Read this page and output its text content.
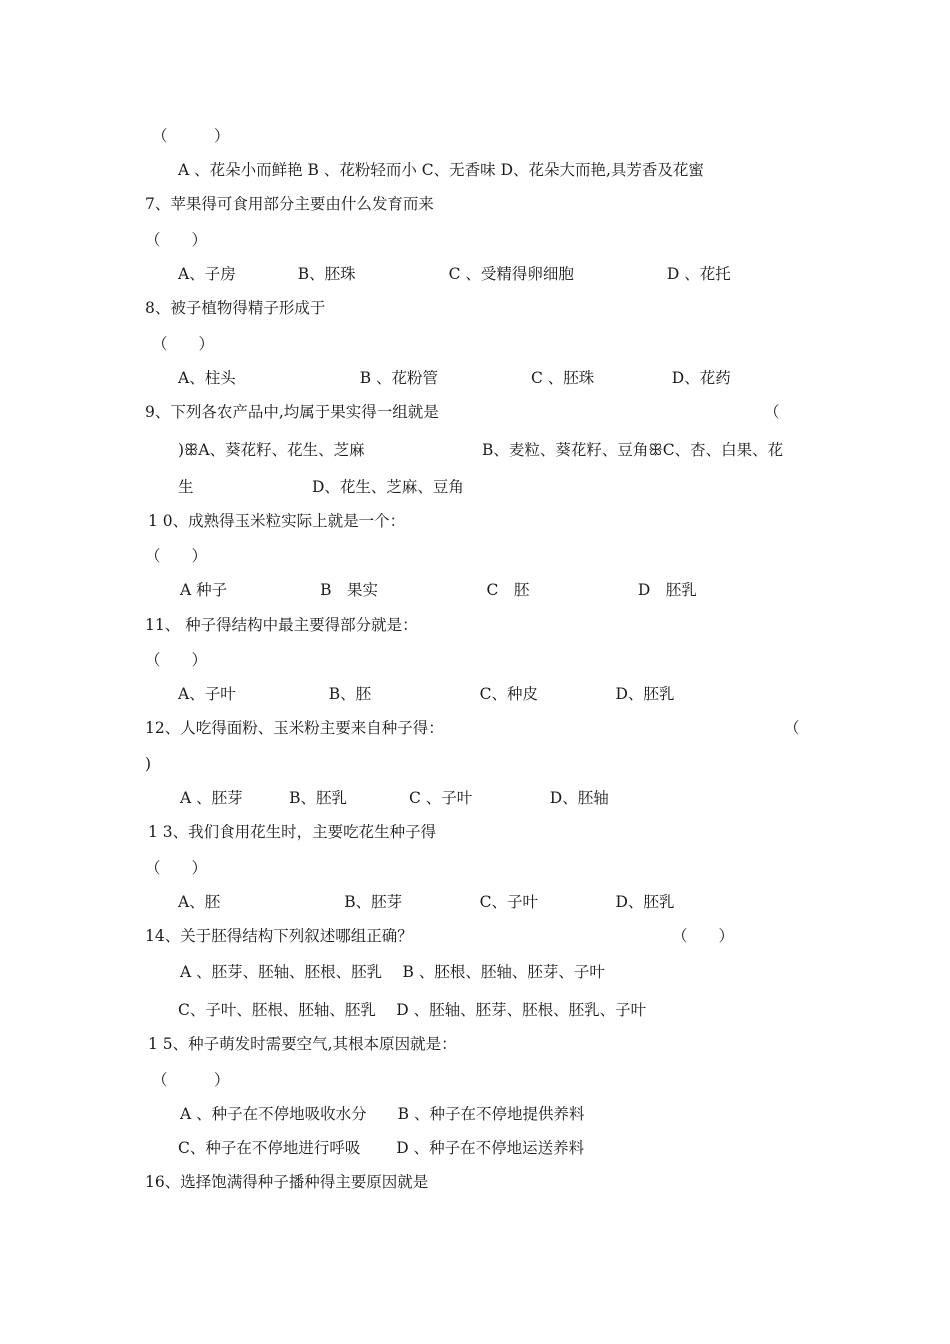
（　　　）

A 、花朵小而鲜艳 B 、花粉轻而小 C、无香味 D、花朵大而艳,具芳香及花蜜

7、苹果得可食用部分主要由什么发育而来

（　　）

A、子房　　　　B、胚珠　　　　　　C 、受精得卵细胞　　　　　　D 、花托

8、被子植物得精子形成于

（　　）

A、柱头　　　　　　　　B 、花粉管　　　　　　C 、胚珠　　　　　D、花药

9、下列各农产品中,均属于果实得一组就是	（

)ꕥA、葵花籽、花生、芝麻	B、麦粒、葵花籽、豆角ꕥC、杏、白果、花

生	D、花生、芝麻、豆角

1 0、成熟得玉米粒实际上就是一个：

（　　）

A 种子　　　　　　B　果实　　　　　　　C　胚　　　　　　　D　胚乳

11、 种子得结构中最主要得部分就是：

（　　）

A、子叶　　　　　　B、胚　　　　　　　C、种皮　　　　　D、胚乳

12、人吃得面粉、玉米粉主要来自种子得：	（

)

A 、胚芽　　　B、胚乳　　　　C 、子叶　　　　　D、胚轴

1 3、我们食用花生时，主要吃花生种子得

（　　）

A、胚　　　　　　　　B、胚芽　　　　　C、子叶　　　　　D、胚乳

14、关于胚得结构下列叙述哪组正确？	（　　）

A 、胚芽、胚轴、胚根、胚乳　 B 、胚根、胚轴、胚芽、子叶

C、子叶、胚根、胚轴、胚乳　 D 、胚轴、胚芽、胚根、胚乳、子叶

1 5、种子萌发时需要空气,其根本原因就是：

（　　　）

A 、种子在不停地吸收水分　　B 、种子在不停地提供养料

C、种子在不停地进行呼吸　　 D 、种子在不停地运送养料

16、选择饱满得种子播种得主要原因就是
